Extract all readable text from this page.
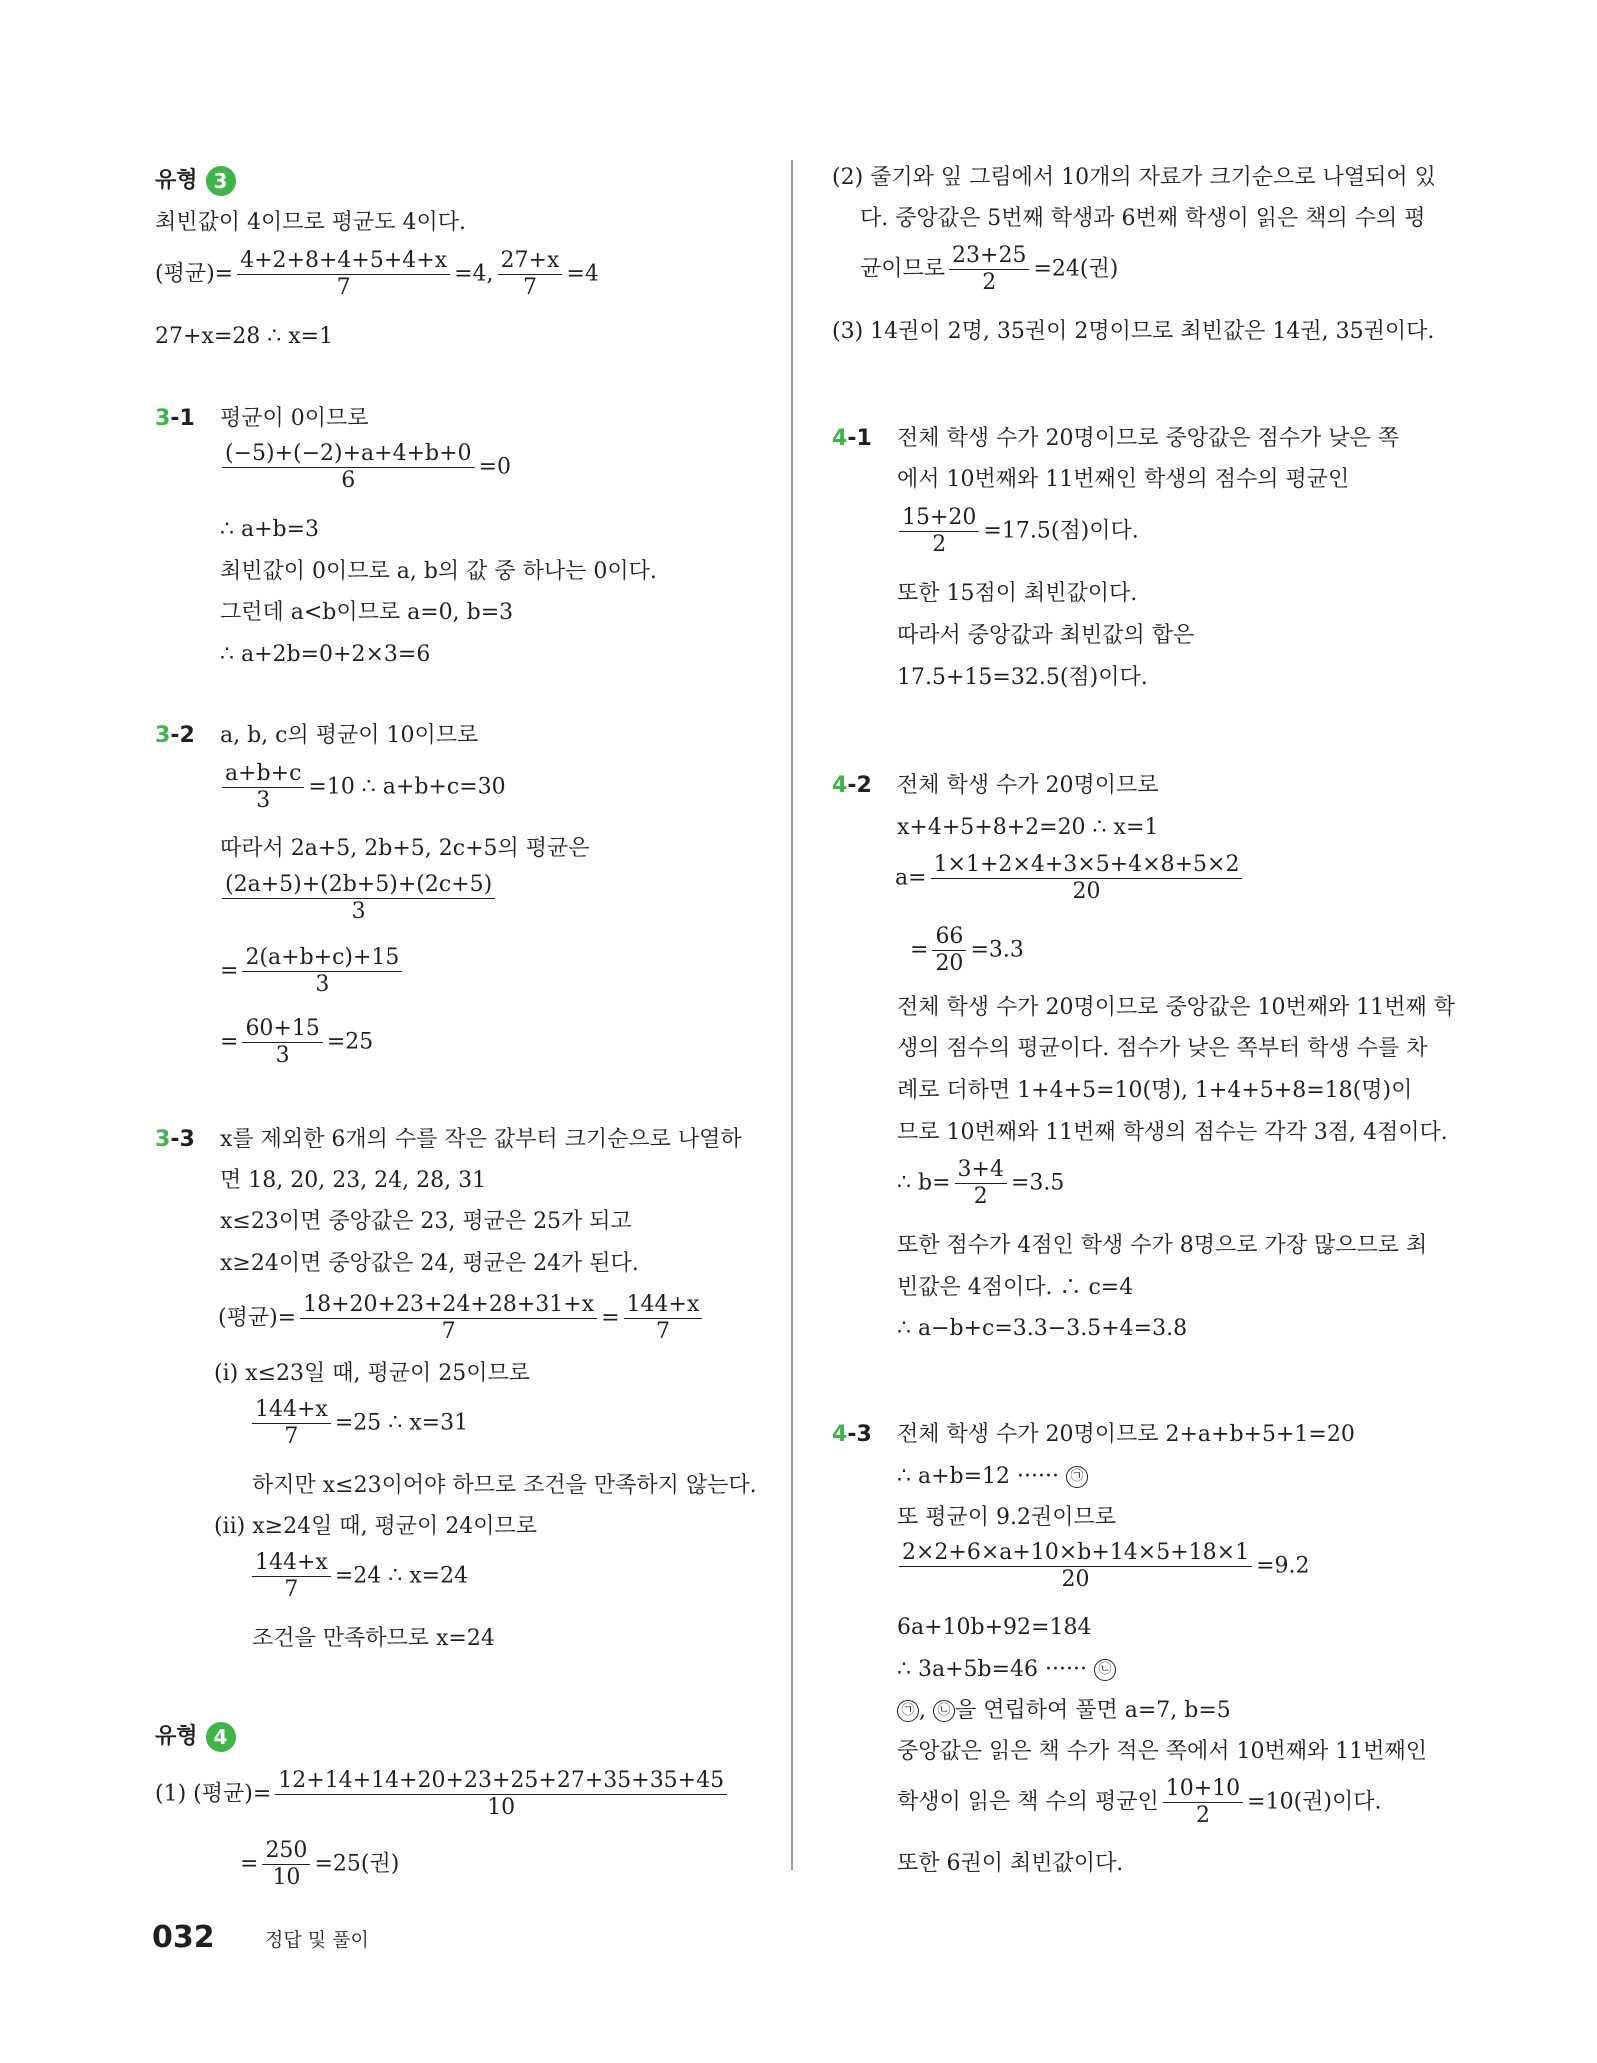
유형 3
최빈값이 4이므로 평균도 4이다.
(평균)= $\frac{4+2+8+4+5+4+x}{7} =4$, $\frac{27+x}{7} =4$
27+x=28 ∴ x=1
3-1 평균이 0이므로
$\frac{(-5)+(-2)+a+4+b+0}{6} =0$
∴ a+b=3
최빈값이 0이므로 a, b의 값 중 하나는 0이다.
그런데 a<b이므로 a=0, b=3
∴ a+2b=0+2×3=6
3-2 a, b, c의 평균이 10이므로
$\frac{a+b+c}{3} =10$ ∴ a+b+c=30
따라서 2a+5, 2b+5, 2c+5의 평균은
$\frac{(2a+5)+(2b+5)+(2c+5)}{3}$
= $\frac{2(a+b+c)+15}{3}$
= $\frac{60+15}{3} =25$
3-3 x를 제외한 6개의 수를 작은 값부터 크기순으로 나열하
면 18, 20, 23, 24, 28, 31
x≤23이면 중앙값은 23, 평균은 25가 되고
x≥24이면 중앙값은 24, 평균은 24가 된다.
(평균)= $\frac{18+20+23+24+28+31+x}{7} = \frac{144+x}{7}$
(ⅰ) x≤23일 때, 평균이 25이므로
$\frac{144+x}{7} =25$ ∴ x=31
하지만 x≤23이어야 하므로 조건을 만족하지 않는다.
(ⅱ) x≥24일 때, 평균이 24이므로
$\frac{144+x}{7} =24$ ∴ x=24
조건을 만족하므로 x=24
유형 4
(1) (평균)= $\frac{12+14+14+20+23+25+27+35+35+45}{10}$
= $\frac{250}{10} =25$(권)
(2) 줄기와 잎 그림에서 10개의 자료가 크기순으로 나열되어 있
다. 중앙값은 5번째 학생과 6번째 학생이 읽은 책의 수의 평
균이므로 $\frac{23+25}{2} =24$(권)
(3) 14권이 2명, 35권이 2명이므로 최빈값은 14권, 35권이다.
4-1 전체 학생 수가 20명이므로 중앙값은 점수가 낮은 쪽
에서 10번째와 11번째인 학생의 점수의 평균인
$\frac{15+20}{2} =17.5$(점)이다.
또한 15점이 최빈값이다.
따라서 중앙값과 최빈값의 합은
17.5+15=32.5(점)이다.
4-2 전체 학생 수가 20명이므로
x+4+5+8+2=20 ∴ x=1
$a= \frac{1\times 1+2\times 4+3\times 5+4\times 8+5\times 2}{20}$
= $\frac{66}{20} =3.3$
전체 학생 수가 20명이므로 중앙값은 10번째와 11번째 학
생의 점수의 평균이다. 점수가 낮은 쪽부터 학생 수를 차
례로 더하면 1+4+5=10(명), 1+4+5+8=18(명)이
므로 10번째와 11번째 학생의 점수는 각각 3점, 4점이다.
∴ $b= \frac{3+4}{2} =3.5$
또한 점수가 4점인 학생 수가 8명으로 가장 많으므로 최
빈값은 4점이다. ∴ c=4
∴ a−b+c=3.3−3.5+4=3.8
4-3 전체 학생 수가 20명이므로 2+a+b+5+1=20
∴ a+b=12 ······ ㉠
또 평균이 9.2권이므로
$\frac{2\times 2+6\times a+10\times b+14\times 5+18\times 1}{20} =9.2$
6a+10b+92=184
∴ 3a+5b=46 ······ ㉡
㉠ , ㉡ 을 연립하여 풀면 a=7, b=5
중앙값은 읽은 책 수가 적은 쪽에서 10번째와 11번째인
학생이 읽은 책 수의 평균인 $\frac{10+10}{2} =10$(권)이다.
또한 6권이 최빈값이다.
032	정답 및 풀이
